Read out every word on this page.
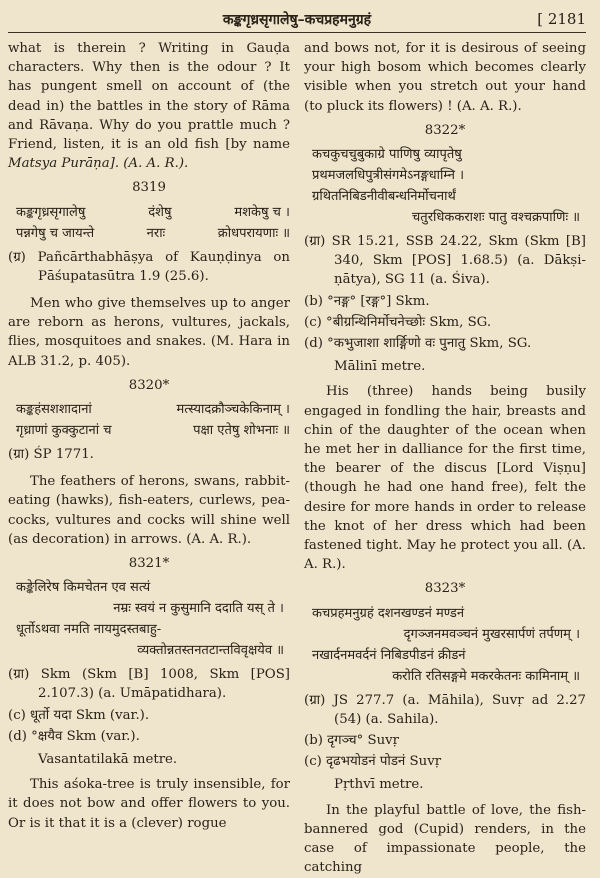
कङ्कगृध्रसृगालेषु–कचप्रहमनुग्रहं	[ 2181

what is therein ? Writing in Gauḍa characters. Why then is the odour ? It has pungent smell on account of (the dead in) the battles in the story of Rāma and Rāvaṇa. Why do you prattle much ? Friend, listen, it is an old fish [by name Matsya Purāṇa]. (A. A. R.).

8319
कङ्कगृध्रसृगालेषु	दंशेषु	मशकेषु च ।
पन्नगेषु च जायन्ते	नराः	क्रोधपरायणाः ॥

(ग्र) Pañcārthabhāṣya of Kauṇḍinya on Pāśupatasūtra 1.9 (25.6).

Men who give themselves up to anger are reborn as herons, vultures, jackals, flies, mosquitoes and snakes. (M. Hara in ALB 31.2, p. 405).

8320*
कङ्कहंसशशादानां	मत्स्यादक्रौञ्चकेकिनाम् ।
गृध्राणां कुक्कुटानां च	पक्षा एतेषु शोभनाः ॥

(ग्रा) ŚP 1771.

The feathers of herons, swans, rabbit- eating (hawks), fish-eaters, curlews, pea- cocks, vultures and cocks will shine well (as decoration) in arrows. (A. A. R.).

8321*
कङ्केलिरेष किमचेतन एव सत्यं
नम्रः स्वयं न कुसुमानि ददाति यस् ते ।
धूर्तोऽथवा नमति नायमुदस्तबाहु-
व्यक्तोन्नतस्तनतटान्तविवृक्षयेव ॥

(ग्रा) Skm (Skm [B] 1008, Skm [POS] 2.107.3) (a. Umāpatidhara).

(c) धूर्तो यदा Skm (var.).

(d) °क्षयैव Skm (var.).

Vasantatilakā metre.

This aśoka-tree is truly insensible, for it does not bow and offer flowers to you. Or is it that it is a (clever) rogue

and bows not, for it is desirous of seeing your high bosom which becomes clearly visible when you stretch out your hand (to pluck its flowers) ! (A. A. R.).

8322*
कचकुचचुबुकाग्रे पाणिषु व्यापृतेषु
प्रथमजलधिपुत्रीसंगमेऽनङ्गधाम्नि ।
ग्रथितनिबिडनीवीबन्धनिर्मोचनार्थं
चतुरधिककराशः पातु वश्चक्रपाणिः ॥

(ग्रा) SR 15.21, SSB 24.22, Skm (Skm [B] 340, Skm [POS] 1.68.5) (a. Dākṣi- ṇātya), SG 11 (a. Śiva).

(b) °नङ्ग° [रङ्ग°] Skm.

(c) °बीग्रन्थिनिर्मोचनेच्छोः Skm, SG.

(d) °कभुजाशा शार्ङ्गिणो वः पुनातु Skm, SG.

Mālinī metre.

His (three) hands being busily engaged in fondling the hair, breasts and chin of the daughter of the ocean when he met her in dalliance for the first time, the bearer of the discus [Lord Viṣṇu] (though he had one hand free), felt the desire for more hands in order to release the knot of her dress which had been fastened tight. May he protect you all. (A. A. R.).

8323*
कचप्रहमनुग्रहं दशनखण्डनं मण्डनं
दृगञ्जनमवञ्चनं मुखरसार्पणं तर्पणम् ।
नखार्दनमवर्दनं निबिडपीडनं क्रीडनं
करोति रतिसङ्गमे मकरकेतनः कामिनाम् ॥

(ग्रा) JS 277.7 (a. Māhila), Suvṛ ad 2.27 (54) (a. Sahila).

(b) दृगञ्च° Suvṛ

(c) दृढभयोडनं पोडनं Suvṛ

Pṛthvī metre.

In the playful battle of love, the fish-bannered god (Cupid) renders, in the case of impassionate people, the catching
